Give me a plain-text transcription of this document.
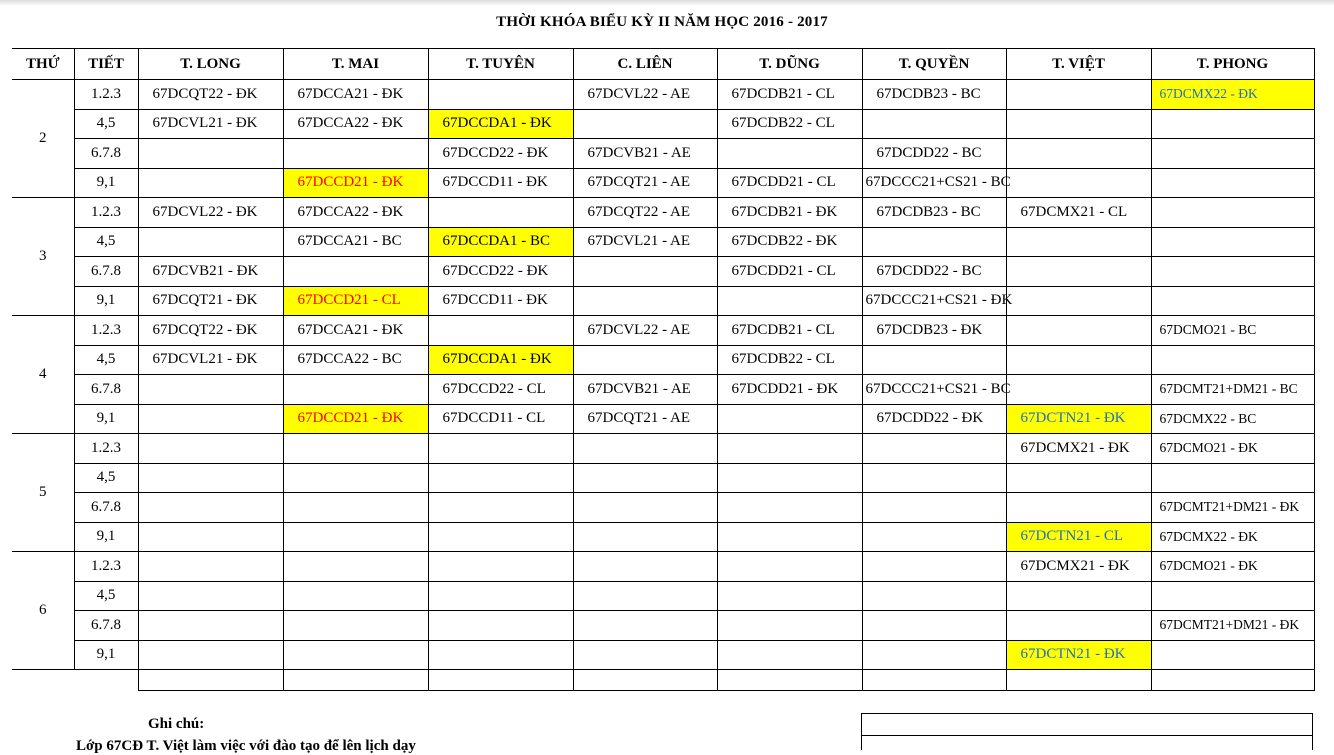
THỜI KHÓA BIỂU KỲ II NĂM HỌC 2016 - 2017
THỨ	TIẾT	T. LONG	T. MAI	T. TUYÊN	C. LIÊN	T. DŨNG	T. QUYỀN	T. VIỆT	T. PHONG
2	1.2.3	67DCQT22 - ĐK	67DCCA21 - ĐK		67DCVL22 - AE	67DCDB21 - CL	67DCDB23 - BC		67DCMX22 - ĐK
	4,5	67DCVL21 - ĐK	67DCCA22 - ĐK	67DCCDA1 - ĐK		67DCDB22 - CL			
	6.7.8			67DCCD22 - ĐK	67DCVB21 - AE		67DCDD22 - BC		
	9,1		67DCCD21 - ĐK	67DCCD11 - ĐK	67DCQT21 - AE	67DCDD21 - CL	67DCCC21+CS21 - BC		
3	1.2.3	67DCVL22 - ĐK	67DCCA22 - ĐK		67DCQT22 - AE	67DCDB21 - ĐK	67DCDB23 - BC	67DCMX21 - CL	
	4,5		67DCCA21 - BC	67DCCDA1 - BC	67DCVL21 - AE	67DCDB22 - ĐK			
	6.7.8	67DCVB21 - ĐK		67DCCD22 - ĐK		67DCDD21 - CL	67DCDD22 - BC		
	9,1	67DCQT21 - ĐK	67DCCD21 - CL	67DCCD11 - ĐK			67DCCC21+CS21 - ĐK		
4	1.2.3	67DCQT22 - ĐK	67DCCA21 - ĐK		67DCVL22 - AE	67DCDB21 - CL	67DCDB23 - ĐK		67DCMO21 - BC
	4,5	67DCVL21 - ĐK	67DCCA22 - BC	67DCCDA1 - ĐK		67DCDB22 - CL			
	6.7.8			67DCCD22 - CL	67DCVB21 - AE	67DCDD21 - ĐK	67DCCC21+CS21 - BC		67DCMT21+DM21 - BC
	9,1		67DCCD21 - ĐK	67DCCD11 - CL	67DCQT21 - AE		67DCDD22 - ĐK	67DCTN21 - ĐK	67DCMX22 - BC
5	1.2.3							67DCMX21 - ĐK	67DCMO21 - ĐK
	4,5								
	6.7.8								67DCMT21+DM21 - ĐK
	9,1							67DCTN21 - CL	67DCMX22 - ĐK
6	1.2.3							67DCMX21 - ĐK	67DCMO21 - ĐK
	4,5								
	6.7.8								67DCMT21+DM21 - ĐK
	9,1							67DCTN21 - ĐK	

Ghi chú:
Lớp 67CĐ T. Việt làm việc với đào tạo để lên lịch dạy
